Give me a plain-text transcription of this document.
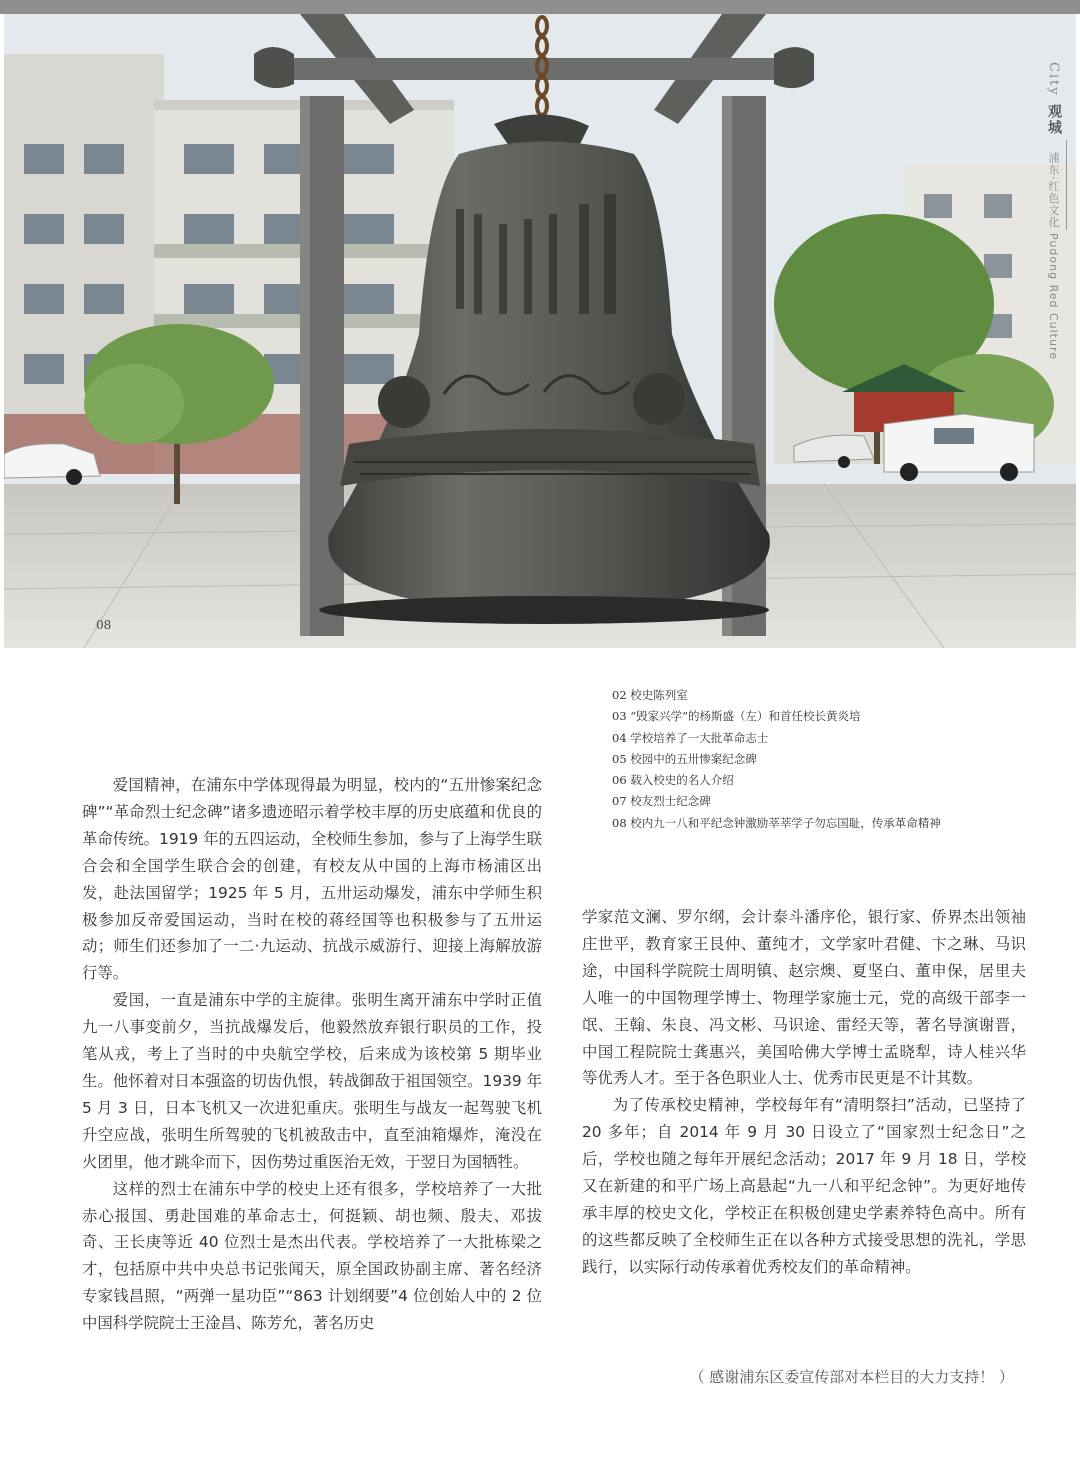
08
City
观城
浦东·红色文化 Pudong Red Culture
02 校史陈列室
03 “毁家兴学”的杨斯盛（左）和首任校长黄炎培
04 学校培养了一大批革命志士
05 校园中的五卅惨案纪念碑
06 载入校史的名人介绍
07 校友烈士纪念碑
08 校内九一八和平纪念钟激励莘莘学子勿忘国耻，传承革命精神

爱国精神，在浦东中学体现得最为明显，校内的“五卅惨案纪念碑”“革命烈士纪念碑”诸多遗迹昭示着学校丰厚的历史底蕴和优良的革命传统。1919 年的五四运动，全校师生参加，参与了上海学生联合会和全国学生联合会的创建，有校友从中国的上海市杨浦区出发，赴法国留学；1925 年 5 月，五卅运动爆发，浦东中学师生积极参加反帝爱国运动，当时在校的蒋经国等也积极参与了五卅运动；师生们还参加了一二·九运动、抗战示威游行、迎接上海解放游行等。

爱国，一直是浦东中学的主旋律。张明生离开浦东中学时正值九一八事变前夕，当抗战爆发后，他毅然放弃银行职员的工作，投笔从戎，考上了当时的中央航空学校，后来成为该校第 5 期毕业生。他怀着对日本强盗的切齿仇恨，转战御敌于祖国领空。1939 年 5 月 3 日，日本飞机又一次进犯重庆。张明生与战友一起驾驶飞机升空应战，张明生所驾驶的飞机被敌击中，直至油箱爆炸，淹没在火团里，他才跳伞而下，因伤势过重医治无效，于翌日为国牺牲。

这样的烈士在浦东中学的校史上还有很多，学校培养了一大批赤心报国、勇赴国难的革命志士，何挺颖、胡也频、殷夫、邓拔奇、王长庚等近 40 位烈士是杰出代表。学校培养了一大批栋梁之才，包括原中共中央总书记张闻天，原全国政协副主席、著名经济专家钱昌照，“两弹一星功臣”“863 计划纲要”4 位创始人中的 2 位中国科学院院士王淦昌、陈芳允，著名历史

学家范文澜、罗尔纲，会计泰斗潘序伦，银行家、侨界杰出领袖庄世平，教育家王艮仲、董纯才，文学家叶君健、卞之琳、马识途，中国科学院院士周明镇、赵宗燠、夏坚白、董申保，居里夫人唯一的中国物理学博士、物理学家施士元，党的高级干部李一氓、王翰、朱良、冯文彬、马识途、雷经天等，著名导演谢晋，中国工程院院士龚惠兴，美国哈佛大学博士孟晓犁，诗人桂兴华等优秀人才。至于各色职业人士、优秀市民更是不计其数。

为了传承校史精神，学校每年有“清明祭扫”活动，已坚持了 20 多年；自 2014 年 9 月 30 日设立了“国家烈士纪念日”之后，学校也随之每年开展纪念活动；2017 年 9 月 18 日，学校又在新建的和平广场上高悬起“九一八和平纪念钟”。为更好地传承丰厚的校史文化，学校正在积极创建史学素养特色高中。所有的这些都反映了全校师生正在以各种方式接受思想的洗礼，学思践行，以实际行动传承着优秀校友们的革命精神。

（ 感谢浦东区委宣传部对本栏目的大力支持！ ）
